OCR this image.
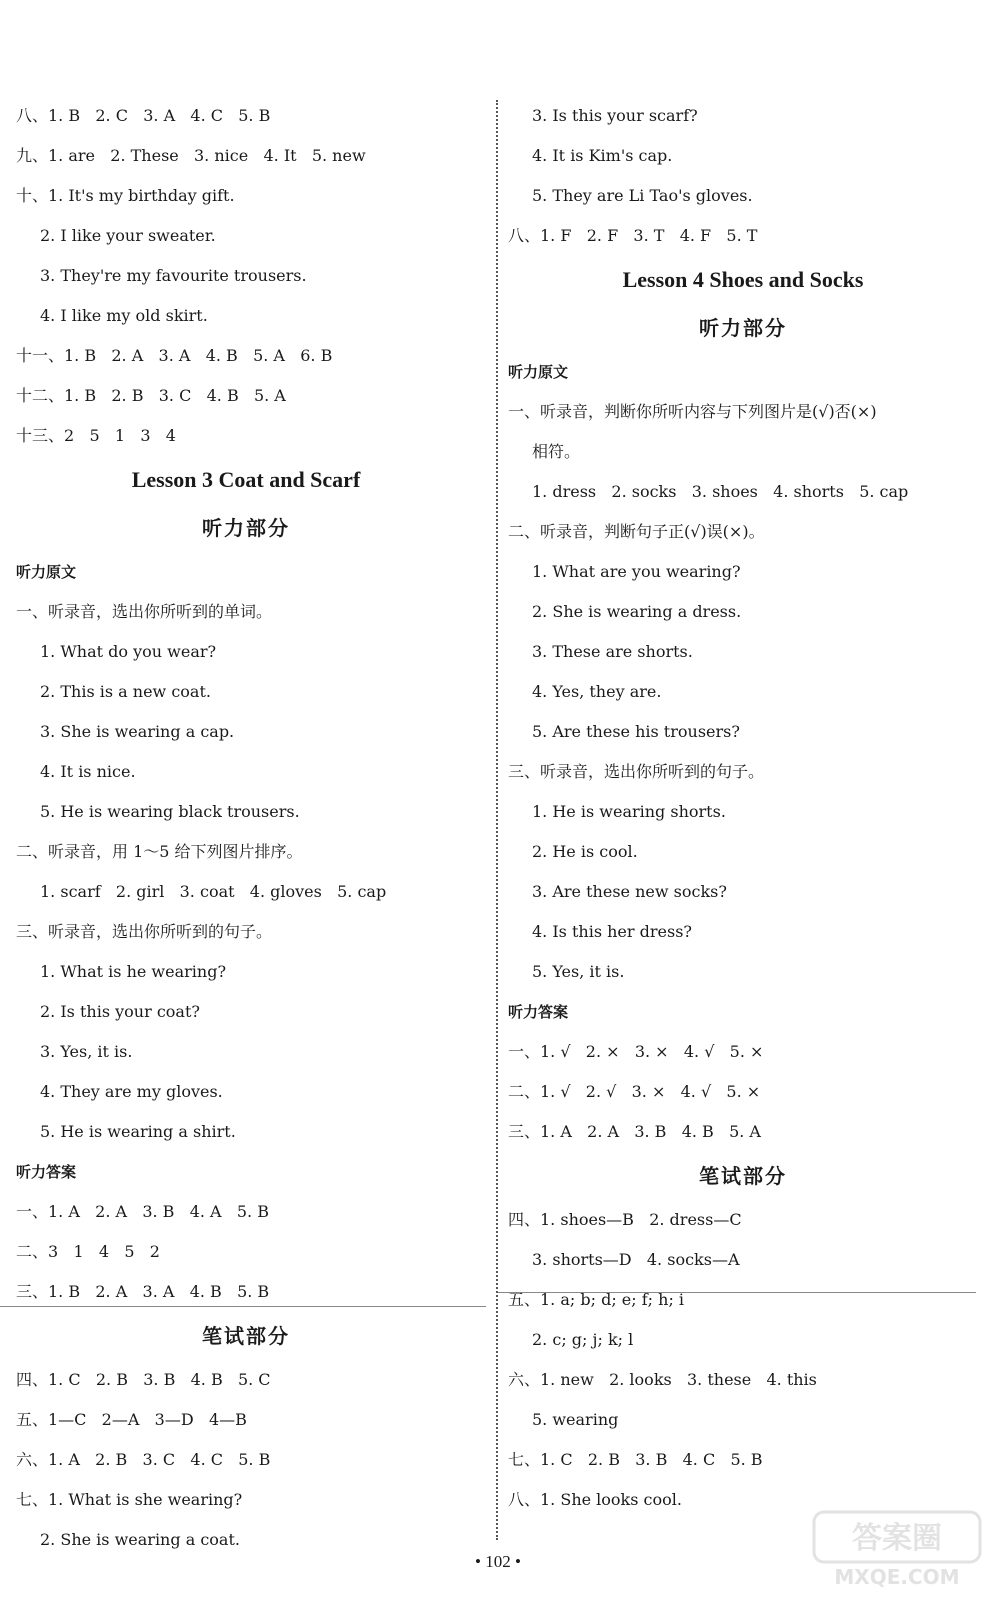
八、1. B   2. C   3. A   4. C   5. B
九、1. are   2. These   3. nice   4. It   5. new
十、1. It's my birthday gift.
2. I like your sweater.
3. They're my favourite trousers.
4. I like my old skirt.
十一、1. B   2. A   3. A   4. B   5. A   6. B
十二、1. B   2. B   3. C   4. B   5. A
十三、2   5   1   3   4
Lesson 3 Coat and Scarf
听力部分
听力原文
一、听录音，选出你所听到的单词。
1. What do you wear?
2. This is a new coat.
3. She is wearing a cap.
4. It is nice.
5. He is wearing black trousers.
二、听录音，用 1～5 给下列图片排序。
1. scarf   2. girl   3. coat   4. gloves   5. cap
三、听录音，选出你所听到的句子。
1. What is he wearing?
2. Is this your coat?
3. Yes, it is.
4. They are my gloves.
5. He is wearing a shirt.
听力答案
一、1. A   2. A   3. B   4. A   5. B
二、3   1   4   5   2
三、1. B   2. A   3. A   4. B   5. B
笔试部分
四、1. C   2. B   3. B   4. B   5. C
五、1—C   2—A   3—D   4—B
六、1. A   2. B   3. C   4. C   5. B
七、1. What is she wearing?
2. She is wearing a coat.
3. Is this your scarf?
4. It is Kim's cap.
5. They are Li Tao's gloves.
八、1. F   2. F   3. T   4. F   5. T
Lesson 4 Shoes and Socks
听力部分
听力原文
一、听录音，判断你所听内容与下列图片是(√)否(×)
相符。
1. dress   2. socks   3. shoes   4. shorts   5. cap
二、听录音，判断句子正(√)误(×)。
1. What are you wearing?
2. She is wearing a dress.
3. These are shorts.
4. Yes, they are.
5. Are these his trousers?
三、听录音，选出你所听到的句子。
1. He is wearing shorts.
2. He is cool.
3. Are these new socks?
4. Is this her dress?
5. Yes, it is.
听力答案
一、1. √   2. ×   3. ×   4. √   5. ×
二、1. √   2. √   3. ×   4. √   5. ×
三、1. A   2. A   3. B   4. B   5. A
笔试部分
四、1. shoes—B   2. dress—C
3. shorts—D   4. socks—A
五、1. a; b; d; e; f; h; i
2. c; g; j; k; l
六、1. new   2. looks   3. these   4. this
5. wearing
七、1. C   2. B   3. B   4. C   5. B
八、1. She looks cool.
• 102 •
答案圈
MXQE.COM
